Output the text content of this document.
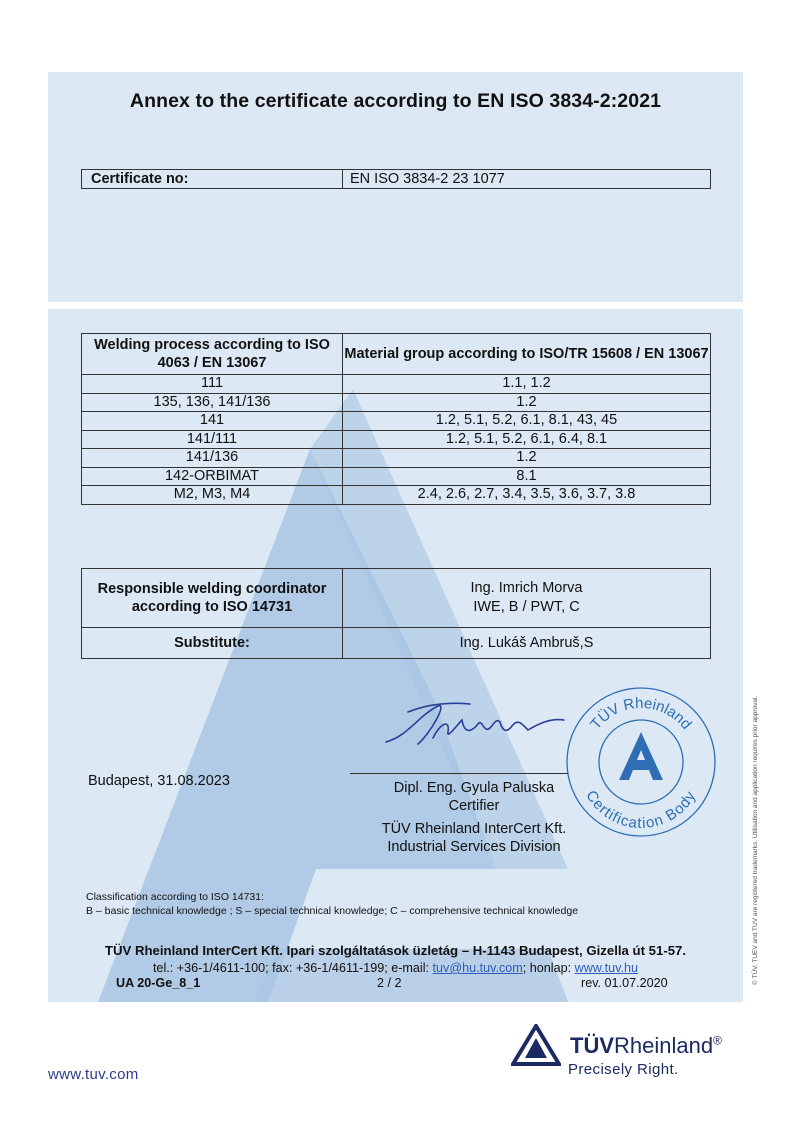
Annex to the certificate according to EN ISO 3834-2:2021
Certificate no:	EN ISO 3834-2 23 1077
Welding process according to ISO 4063 / EN 13067	Material group according to ISO/TR 15608 / EN 13067
111	1.1, 1.2
135, 136, 141/136	1.2
141	1.2, 5.1, 5.2, 6.1, 8.1, 43, 45
141/111	1.2, 5.1, 5.2, 6.1, 6.4, 8.1
141/136	1.2
142-ORBIMAT	8.1
M2, M3, M4	2.4, 2.6, 2.7, 3.4, 3.5, 3.6, 3.7, 3.8
Responsible welding coordinator according to ISO 14731	Ing. Imrich Morva
IWE, B / PWT, C

Substitute:	Ing. Lukáš Ambruš,S
TÜV Rheinland
Certification Body
Budapest, 31.08.2023	Dipl. Eng. Gyula Paluska
Certifier
TÜV Rheinland InterCert Kft.
Industrial Services Division
Classification according to ISO 14731:
B – basic technical knowledge ; S – special technical knowledge; C – comprehensive technical knowledge
TÜV Rheinland InterCert Kft. Ipari szolgáltatások üzletág – H-1143 Budapest, Gizella út 51-57.
tel.: +36-1/4611-100; fax: +36-1/4611-199; e-mail: tuv@hu.tuv.com; honlap: www.tuv.hu
UA 20-Ge_8_1	2 / 2	rev. 01.07.2020
www.tuv.com
TÜVRheinland®
Precisely Right.
© TÜV, TUEV and TUV are registered trademarks. Utilisation and application requires prior approval.
